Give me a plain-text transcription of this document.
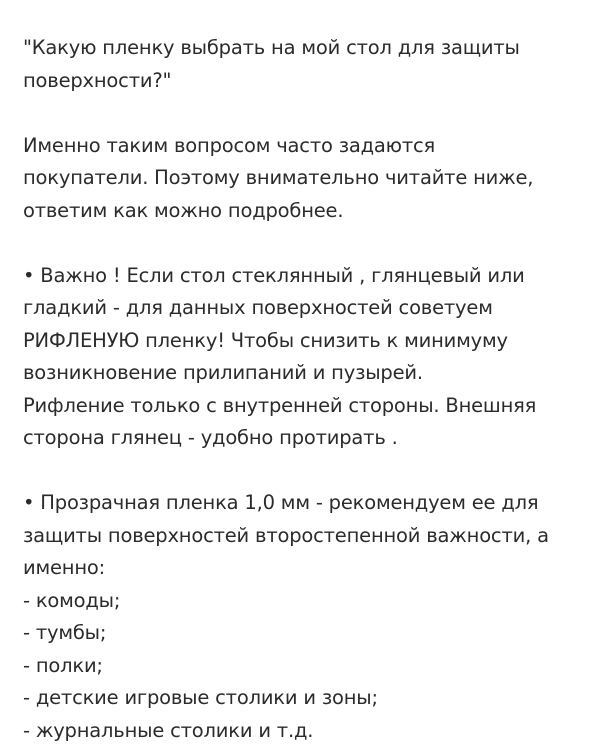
"Какую пленку выбрать на мой стол для защиты
поверхности?"
Именно таким вопросом часто задаются
покупатели. Поэтому внимательно читайте ниже,
ответим как можно подробнее.
• Важно ! Если стол стеклянный , глянцевый или
гладкий - для данных поверхностей советуем
РИФЛЕНУЮ пленку! Чтобы снизить к минимуму
возникновение прилипаний и пузырей.
Рифление только с внутренней стороны. Внешняя
сторона глянец - удобно протирать .
• Прозрачная пленка 1,0 мм - рекомендуем ее для
защиты поверхностей второстепенной важности, а
именно:
- комоды;
- тумбы;
- полки;
- детские игровые столики и зоны;
- журнальные столики и т.д.
